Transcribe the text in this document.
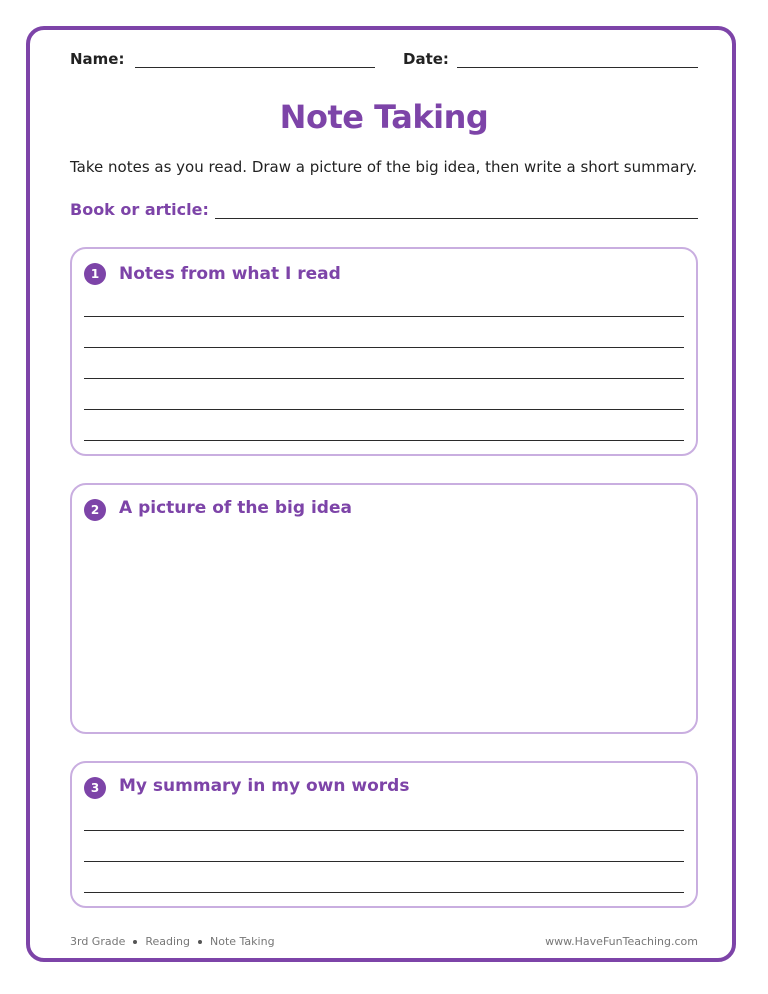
Name:	Date:
Note Taking
Take notes as you read. Draw a picture of the big idea, then write a short summary.
Book or article:
1	Notes from what I read
2	A picture of the big idea
3	My summary in my own words
3rd Grade Reading Note Taking	www.HaveFunTeaching.com
